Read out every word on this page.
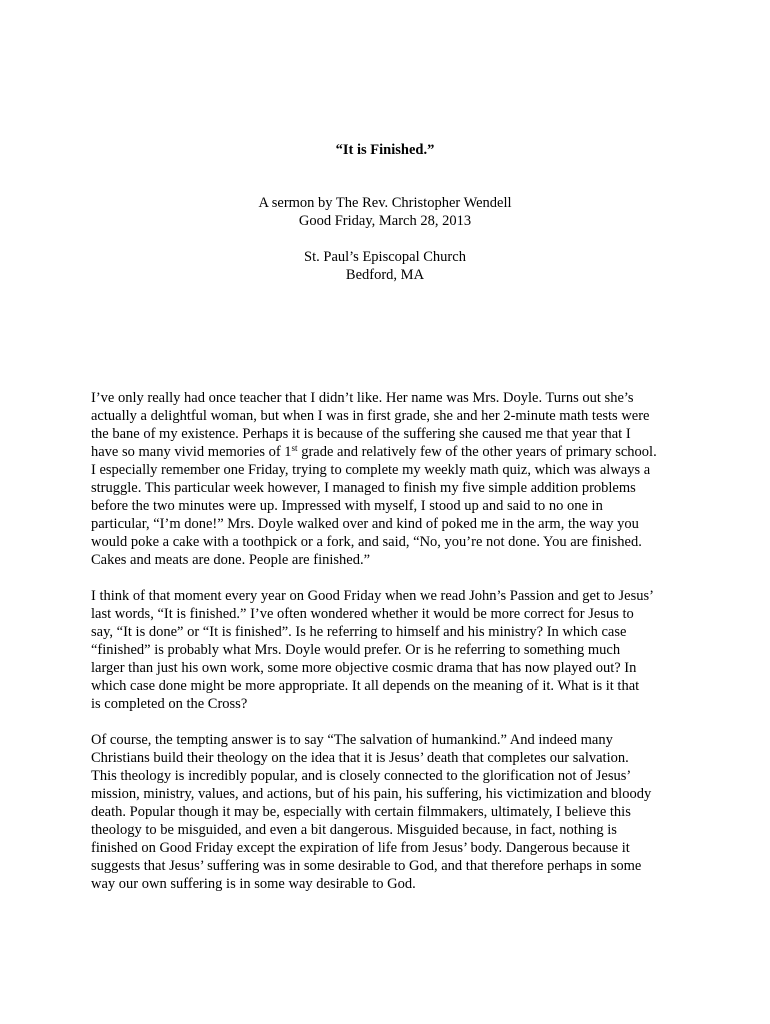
“It is Finished.”
A sermon by The Rev. Christopher Wendell
Good Friday, March 28, 2013
St. Paul’s Episcopal Church
Bedford, MA

I’ve only really had once teacher that I didn’t like. Her name was Mrs. Doyle. Turns out she’s
actually a delightful woman, but when I was in first grade, she and her 2-minute math tests were
the bane of my existence. Perhaps it is because of the suffering she caused me that year that I
have so many vivid memories of 1st grade and relatively few of the other years of primary school.
I especially remember one Friday, trying to complete my weekly math quiz, which was always a
struggle. This particular week however, I managed to finish my five simple addition problems
before the two minutes were up. Impressed with myself, I stood up and said to no one in
particular, “I’m done!” Mrs. Doyle walked over and kind of poked me in the arm, the way you
would poke a cake with a toothpick or a fork, and said, “No, you’re not done. You are finished.
Cakes and meats are done. People are finished.”

I think of that moment every year on Good Friday when we read John’s Passion and get to Jesus’
last words, “It is finished.” I’ve often wondered whether it would be more correct for Jesus to
say, “It is done” or “It is finished”. Is he referring to himself and his ministry? In which case
“finished” is probably what Mrs. Doyle would prefer. Or is he referring to something much
larger than just his own work, some more objective cosmic drama that has now played out? In
which case done might be more appropriate. It all depends on the meaning of it. What is it that
is completed on the Cross?

Of course, the tempting answer is to say “The salvation of humankind.” And indeed many
Christians build their theology on the idea that it is Jesus’ death that completes our salvation.
This theology is incredibly popular, and is closely connected to the glorification not of Jesus’
mission, ministry, values, and actions, but of his pain, his suffering, his victimization and bloody
death. Popular though it may be, especially with certain filmmakers, ultimately, I believe this
theology to be misguided, and even a bit dangerous. Misguided because, in fact, nothing is
finished on Good Friday except the expiration of life from Jesus’ body. Dangerous because it
suggests that Jesus’ suffering was in some desirable to God, and that therefore perhaps in some
way our own suffering is in some way desirable to God.
